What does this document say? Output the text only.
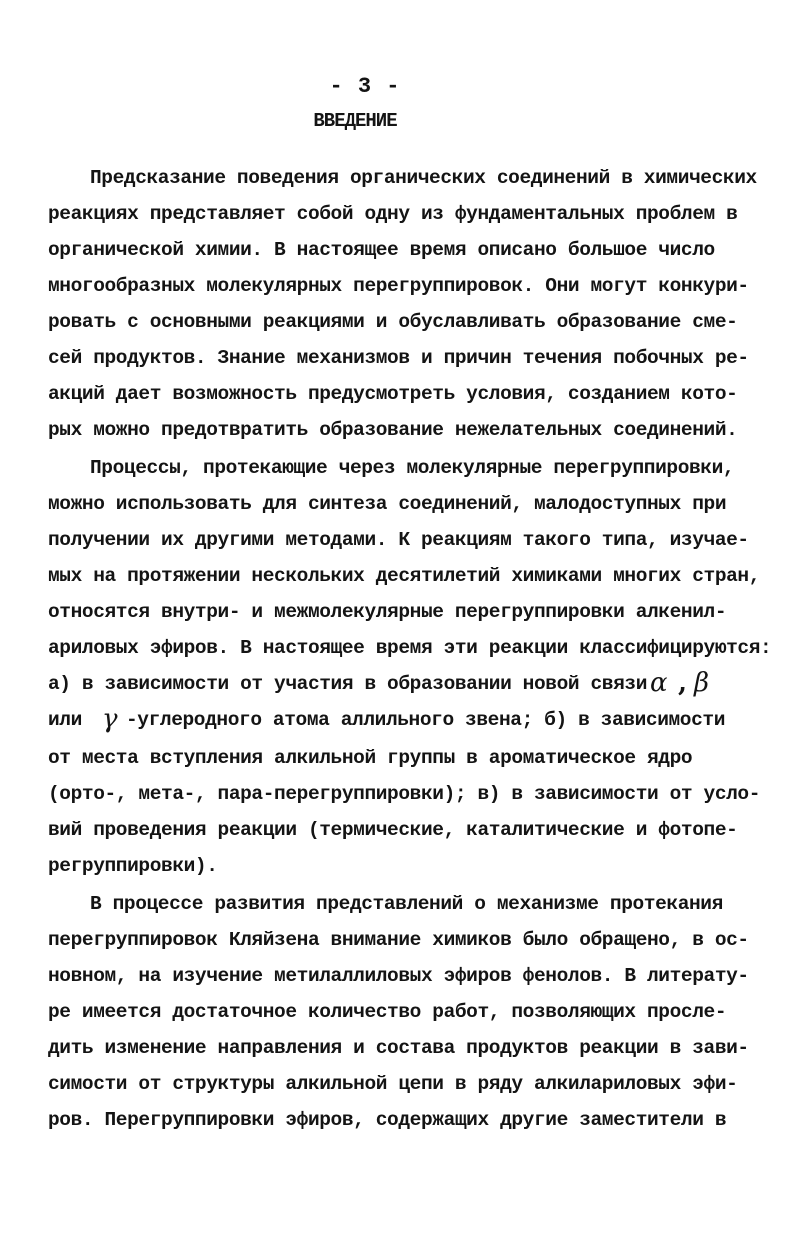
- 3 -
ВВЕДЕНИЕ
Предсказание поведения органических соединений в химических
реакциях представляет собой одну из фундаментальных проблем в
органической химии. В настоящее время описано большое число
многообразных молекулярных перегруппировок. Они могут конкури-
ровать с основными реакциями и обуславливать образование сме-
сей продуктов. Знание механизмов и причин течения побочных ре-
акций дает возможность предусмотреть условия, созданием кото-
рых можно предотвратить образование нежелательных соединений.
Процессы, протекающие через молекулярные перегруппировки,
можно использовать для синтеза соединений, малодоступных при
получении их другими методами. К реакциям такого типа, изучае-
мых на протяжении нескольких десятилетий химиками многих стран,
относятся внутри- и межмолекулярные перегруппировки алкенил-
ариловых эфиров. В настоящее время эти реакции классифицируются:
а) в зависимости от участия в образовании новой связи α , β
или γ -углеродного атома аллильного звена; б) в зависимости
от места вступления алкильной группы в ароматическое ядро
(орто-, мета-, пара-перегруппировки); в) в зависимости от усло-
вий проведения реакции (термические, каталитические и фотопе-
регруппировки).
В процессе развития представлений о механизме протекания
перегруппировок Кляйзена внимание химиков было обращено, в ос-
новном, на изучение метилаллиловых эфиров фенолов. В литерату-
ре имеется достаточное количество работ, позволяющих просле-
дить изменение направления и состава продуктов реакции в зави-
симости от структуры алкильной цепи в ряду алкилариловых эфи-
ров. Перегруппировки эфиров, содержащих другие заместители в
